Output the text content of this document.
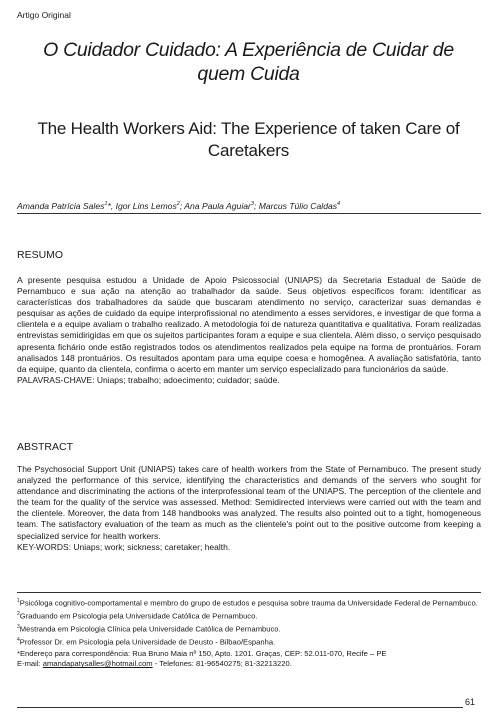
Artigo Original
O Cuidador Cuidado: A Experiência de Cuidar de quem Cuida
The Health Workers Aid: The Experience of taken Care of Caretakers
Amanda Patrícia Sales$^1$*, Igor Lins Lemos$^2$; Ana Paula Aguiar$^3$; Marcus Túlio Caldas$^4$
RESUMO
A presente pesquisa estudou a Unidade de Apoio Psicossocial (UNIAPS) da Secretaria Estadual de Saúde de Pernambuco e sua ação na atenção ao trabalhador da saúde. Seus objetivos específicos foram: identificar as características dos trabalhadores da saúde que buscaram atendimento no serviço, caracterizar suas demandas e pesquisar as ações de cuidado da equipe interprofissional no atendimento a esses servidores, e investigar de que forma a clientela e a equipe avaliam o trabalho realizado. A metodologia foi de natureza quantitativa e qualitativa. Foram realizadas entrevistas semidirigidas em que os sujeitos participantes foram a equipe e sua clientela. Além disso, o serviço pesquisado apresenta fichário onde estão registrados todos os atendimentos realizados pela equipe na forma de prontuários. Foram analisados 148 prontuários. Os resultados apontam para uma equipe coesa e homogênea. A avaliação satisfatória, tanto da equipe, quanto da clientela, confirma o acerto em manter um serviço especializado para funcionários da saúde.
PALAVRAS-CHAVE: Uniaps; trabalho; adoecimento; cuidador; saúde.
ABSTRACT
The Psychosocial Support Unit (UNIAPS) takes care of health workers from the State of Pernambuco. The present study analyzed the performance of this service, identifying the characteristics and demands of the servers who sought for attendance and discriminating the actions of the interprofessional team of the UNIAPS. The perception of the clientele and the team for the quality of the service was assessed. Method: Semidirected interviews were carried out with the team and the clientele. Moreover, the data from 148 handbooks was analyzed. The results also pointed out to a tight, homogeneous team. The satisfactory evaluation of the team as much as the clientele's point out to the positive outcome from keeping a specialized service for health workers.
KEY-WORDS: Uniaps; work; sickness; caretaker; health.
$^1$Psicóloga cognitivo-comportamental e membro do grupo de estudos e pesquisa sobre trauma da Universidade Federal de Pernambuco.
$^2$Graduando em Psicologia pela Universidade Católica de Pernambuco.
$^3$Mestranda em Psicologia Clínica pela Universidade Católica de Pernambuco.
$^4$Professor Dr. em Psicologia pela Universidade de Deusto - Bilbao/Espanha.
*Endereço para correspondência: Rua Bruno Maia nº 150, Apto. 1201. Graças, CEP: 52.011-070, Recife – PE
E-mail: amandapatysalles@hotmail.com - Telefones: 81-96540275; 81-32213220.
61
